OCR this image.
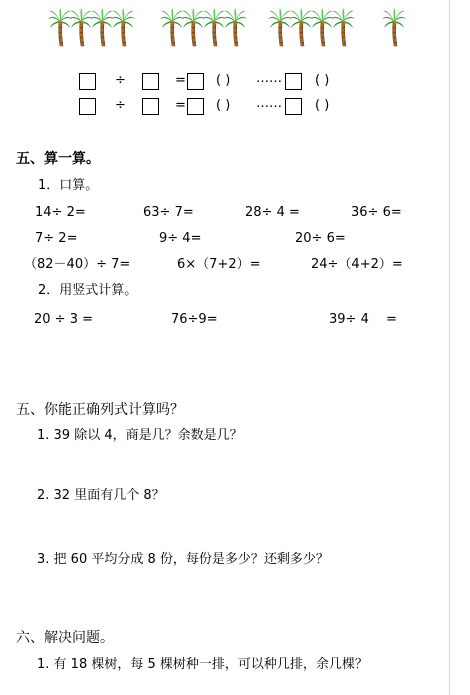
÷	= ( ) ……	( )
÷	= ( ) ……	( )
五、算一算。
1．口算。
14÷ 2=	63÷ 7=	28÷ 4 =	36÷ 6=
7÷ 2=	9÷ 4=	20÷ 6=
（82－40）÷ 7=	6×（7+2）=	24÷（4+2）=
2．用竖式计算。
20 ÷ 3 =	76÷9=	39÷ 4 =
五、你能正确列式计算吗？
1. 39 除以 4，商是几？余数是几？
2. 32 里面有几个 8？
3. 把 60 平均分成 8 份，每份是多少？还剩多少？
六、解决问题。
1. 有 18 棵树，每 5 棵树种一排，可以种几排，余几棵？
